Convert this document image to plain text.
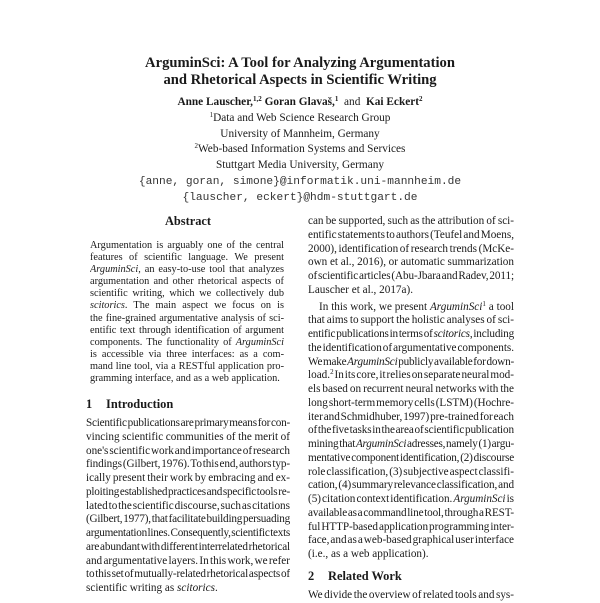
ArguminSci: A Tool for Analyzing Argumentation
and Rhetorical Aspects in Scientific Writing
Anne Lauscher,$^{1,2}$ Goran Glavaš,$^1$ and Kai Eckert$^2$
$^1$Data and Web Science Research Group
University of Mannheim, Germany
$^2$Web-based Information Systems and Services
Stuttgart Media University, Germany
{anne, goran, simone}@informatik.uni-mannheim.de
{lauscher, eckert}@hdm-stuttgart.de
Abstract
Argumentation is arguably one of the central
features of scientific language. We present
ArguminSci, an easy-to-use tool that analyzes
argumentation and other rhetorical aspects of
scientific writing, which we collectively dub
scitorics. The main aspect we focus on is
the fine-grained argumentative analysis of sci-
entific text through identification of argument
components. The functionality of ArguminSci
is accessible via three interfaces: as a com-
mand line tool, via a RESTful application pro-
gramming interface, and as a web application.
1 Introduction
Scientific publications are primary means for con-
vincing scientific communities of the merit of
one's scientific work and importance of research
findings (Gilbert, 1976). To this end, authors typ-
ically present their work by embracing and ex-
ploiting established practices and specific tools re-
lated to the scientific discourse, such as citations
(Gilbert, 1977), that facilitate building persuading
argumentation lines. Consequently, scientific texts
are abundant with different interrelated rhetorical
and argumentative layers. In this work, we refer
to this set of mutually-related rhetorical aspects of
scientific writing as scitorics.
can be supported, such as the attribution of sci-
entific statements to authors (Teufel and Moens,
2000), identification of research trends (McKe-
own et al., 2016), or automatic summarization
of scientific articles (Abu-Jbara and Radev, 2011;
Lauscher et al., 2017a).
In this work, we present ArguminSci$^1$ a tool
that aims to support the holistic analyses of sci-
entific publications in terms of scitorics, including
the identification of argumentative components.
We make ArguminSci publicly available for down-
load.$^2$ In its core, it relies on separate neural mod-
els based on recurrent neural networks with the
long short-term memory cells (LSTM) (Hochre-
iter and Schmidhuber, 1997) pre-trained for each
of the five tasks in the area of scientific publication
mining that ArguminSci adresses, namely (1) argu-
mentative component identification, (2) discourse
role classification, (3) subjective aspect classifi-
cation, (4) summary relevance classification, and
(5) citation context identification. ArguminSci is
available as a command line tool, through a REST-
ful HTTP-based application programming inter-
face, and as a web-based graphical user interface
(i.e., as a web application).
2 Related Work
We divide the overview of related tools and sys-
